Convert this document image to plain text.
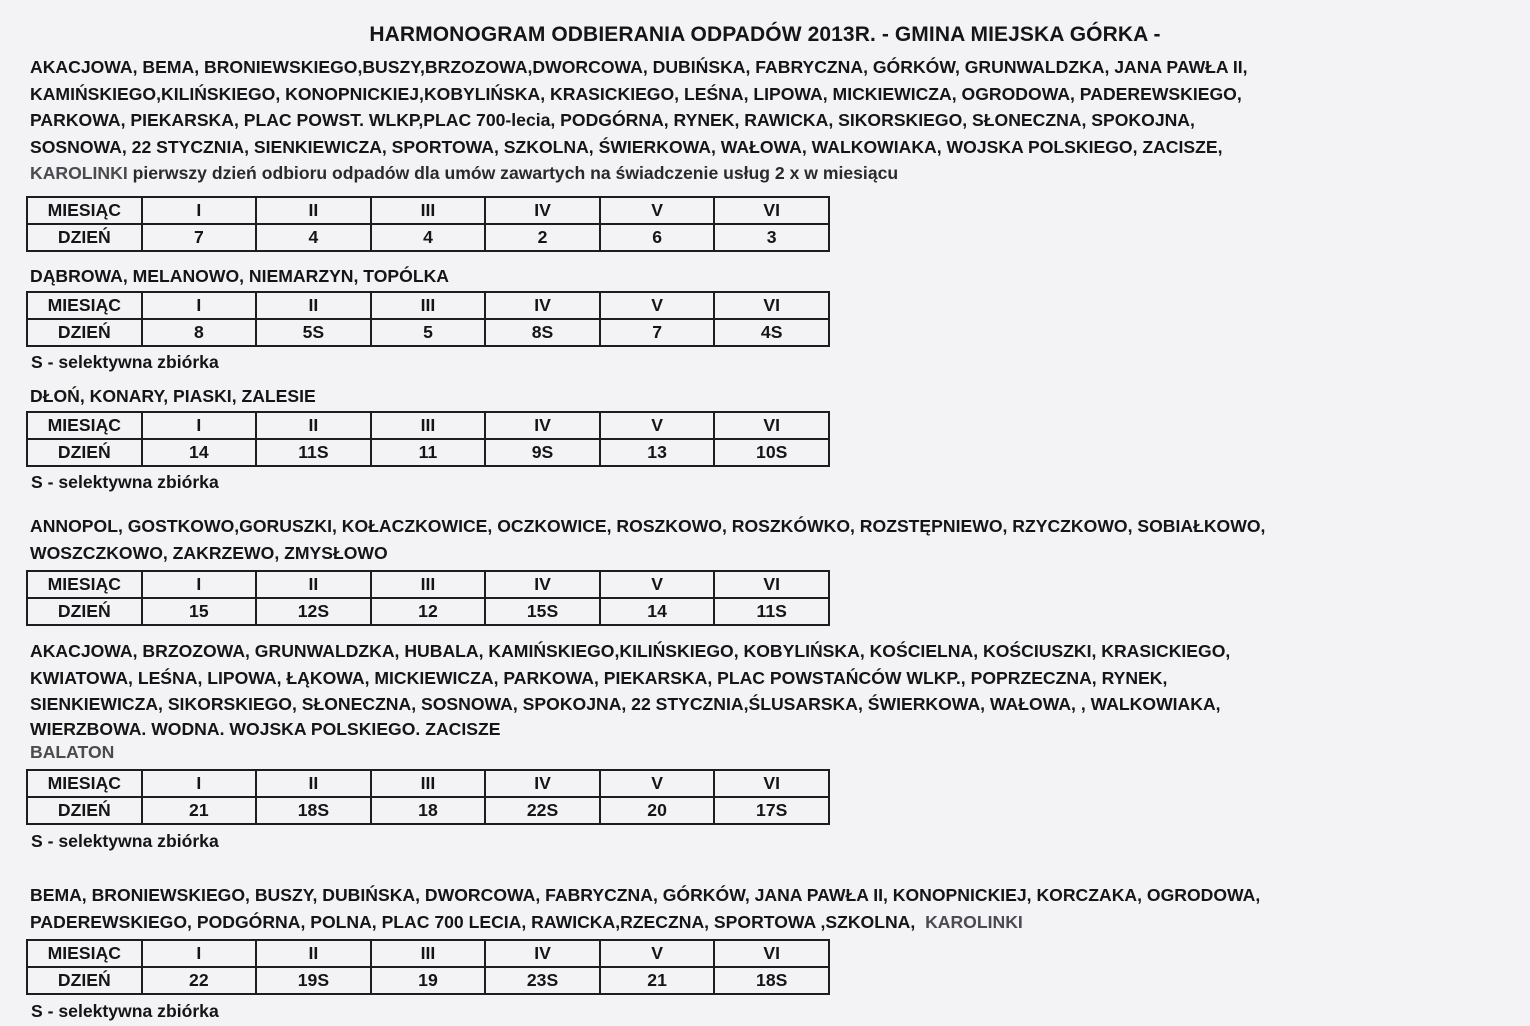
HARMONOGRAM ODBIERANIA ODPADÓW 2013R. - GMINA MIEJSKA GÓRKA -
AKACJOWA, BEMA, BRONIEWSKIEGO,BUSZY,BRZOZOWA,DWORCOWA, DUBIŃSKA, FABRYCZNA, GÓRKÓW, GRUNWALDZKA, JANA PAWŁA II,
KAMIŃSKIEGO,KILIŃSKIEGO, KONOPNICKIEJ,KOBYLIŃSKA, KRASICKIEGO, LEŚNA, LIPOWA, MICKIEWICZA, OGRODOWA, PADEREWSKIEGO,
PARKOWA, PIEKARSKA, PLAC POWST. WLKP,PLAC 700-lecia, PODGÓRNA, RYNEK, RAWICKA, SIKORSKIEGO, SŁONECZNA, SPOKOJNA,
SOSNOWA, 22 STYCZNIA, SIENKIEWICZA, SPORTOWA, SZKOLNA, ŚWIERKOWA, WAŁOWA, WALKOWIAKA, WOJSKA POLSKIEGO, ZACISZE,
KAROLINKI pierwszy dzień odbioru odpadów dla umów zawartych na świadczenie usług 2 x w miesiącu
MIESIĄC	I	II	III	IV	V	VI
DZIEŃ	7	4	4	2	6	3
DĄBROWA, MELANOWO, NIEMARZYN, TOPÓLKA
MIESIĄC	I	II	III	IV	V	VI
DZIEŃ	8	5S	5	8S	7	4S
S - selektywna zbiórka
DŁOŃ, KONARY, PIASKI, ZALESIE
MIESIĄC	I	II	III	IV	V	VI
DZIEŃ	14	11S	11	9S	13	10S
S - selektywna zbiórka
ANNOPOL, GOSTKOWO,GORUSZKI, KOŁACZKOWICE, OCZKOWICE, ROSZKOWO, ROSZKÓWKO, ROZSTĘPNIEWO, RZYCZKOWO, SOBIAŁKOWO,
WOSZCZKOWO, ZAKRZEWO, ZMYSŁOWO
MIESIĄC	I	II	III	IV	V	VI
DZIEŃ	15	12S	12	15S	14	11S
AKACJOWA, BRZOZOWA, GRUNWALDZKA, HUBALA, KAMIŃSKIEGO,KILIŃSKIEGO, KOBYLIŃSKA, KOŚCIELNA, KOŚCIUSZKI, KRASICKIEGO,
KWIATOWA, LEŚNA, LIPOWA, ŁĄKOWA, MICKIEWICZA, PARKOWA, PIEKARSKA, PLAC POWSTAŃCÓW WLKP., POPRZECZNA, RYNEK,
SIENKIEWICZA, SIKORSKIEGO, SŁONECZNA, SOSNOWA, SPOKOJNA, 22 STYCZNIA,ŚLUSARSKA, ŚWIERKOWA, WAŁOWA, , WALKOWIAKA,
WIERZBOWA. WODNA. WOJSKA POLSKIEGO. ZACISZE
BALATON
MIESIĄC	I	II	III	IV	V	VI
DZIEŃ	21	18S	18	22S	20	17S
S - selektywna zbiórka
BEMA, BRONIEWSKIEGO, BUSZY, DUBIŃSKA, DWORCOWA, FABRYCZNA, GÓRKÓW, JANA PAWŁA II, KONOPNICKIEJ, KORCZAKA, OGRODOWA,
PADEREWSKIEGO, PODGÓRNA, POLNA, PLAC 700 LECIA, RAWICKA,RZECZNA, SPORTOWA ,SZKOLNA,  KAROLINKI
MIESIĄC	I	II	III	IV	V	VI
DZIEŃ	22	19S	19	23S	21	18S
S - selektywna zbiórka
